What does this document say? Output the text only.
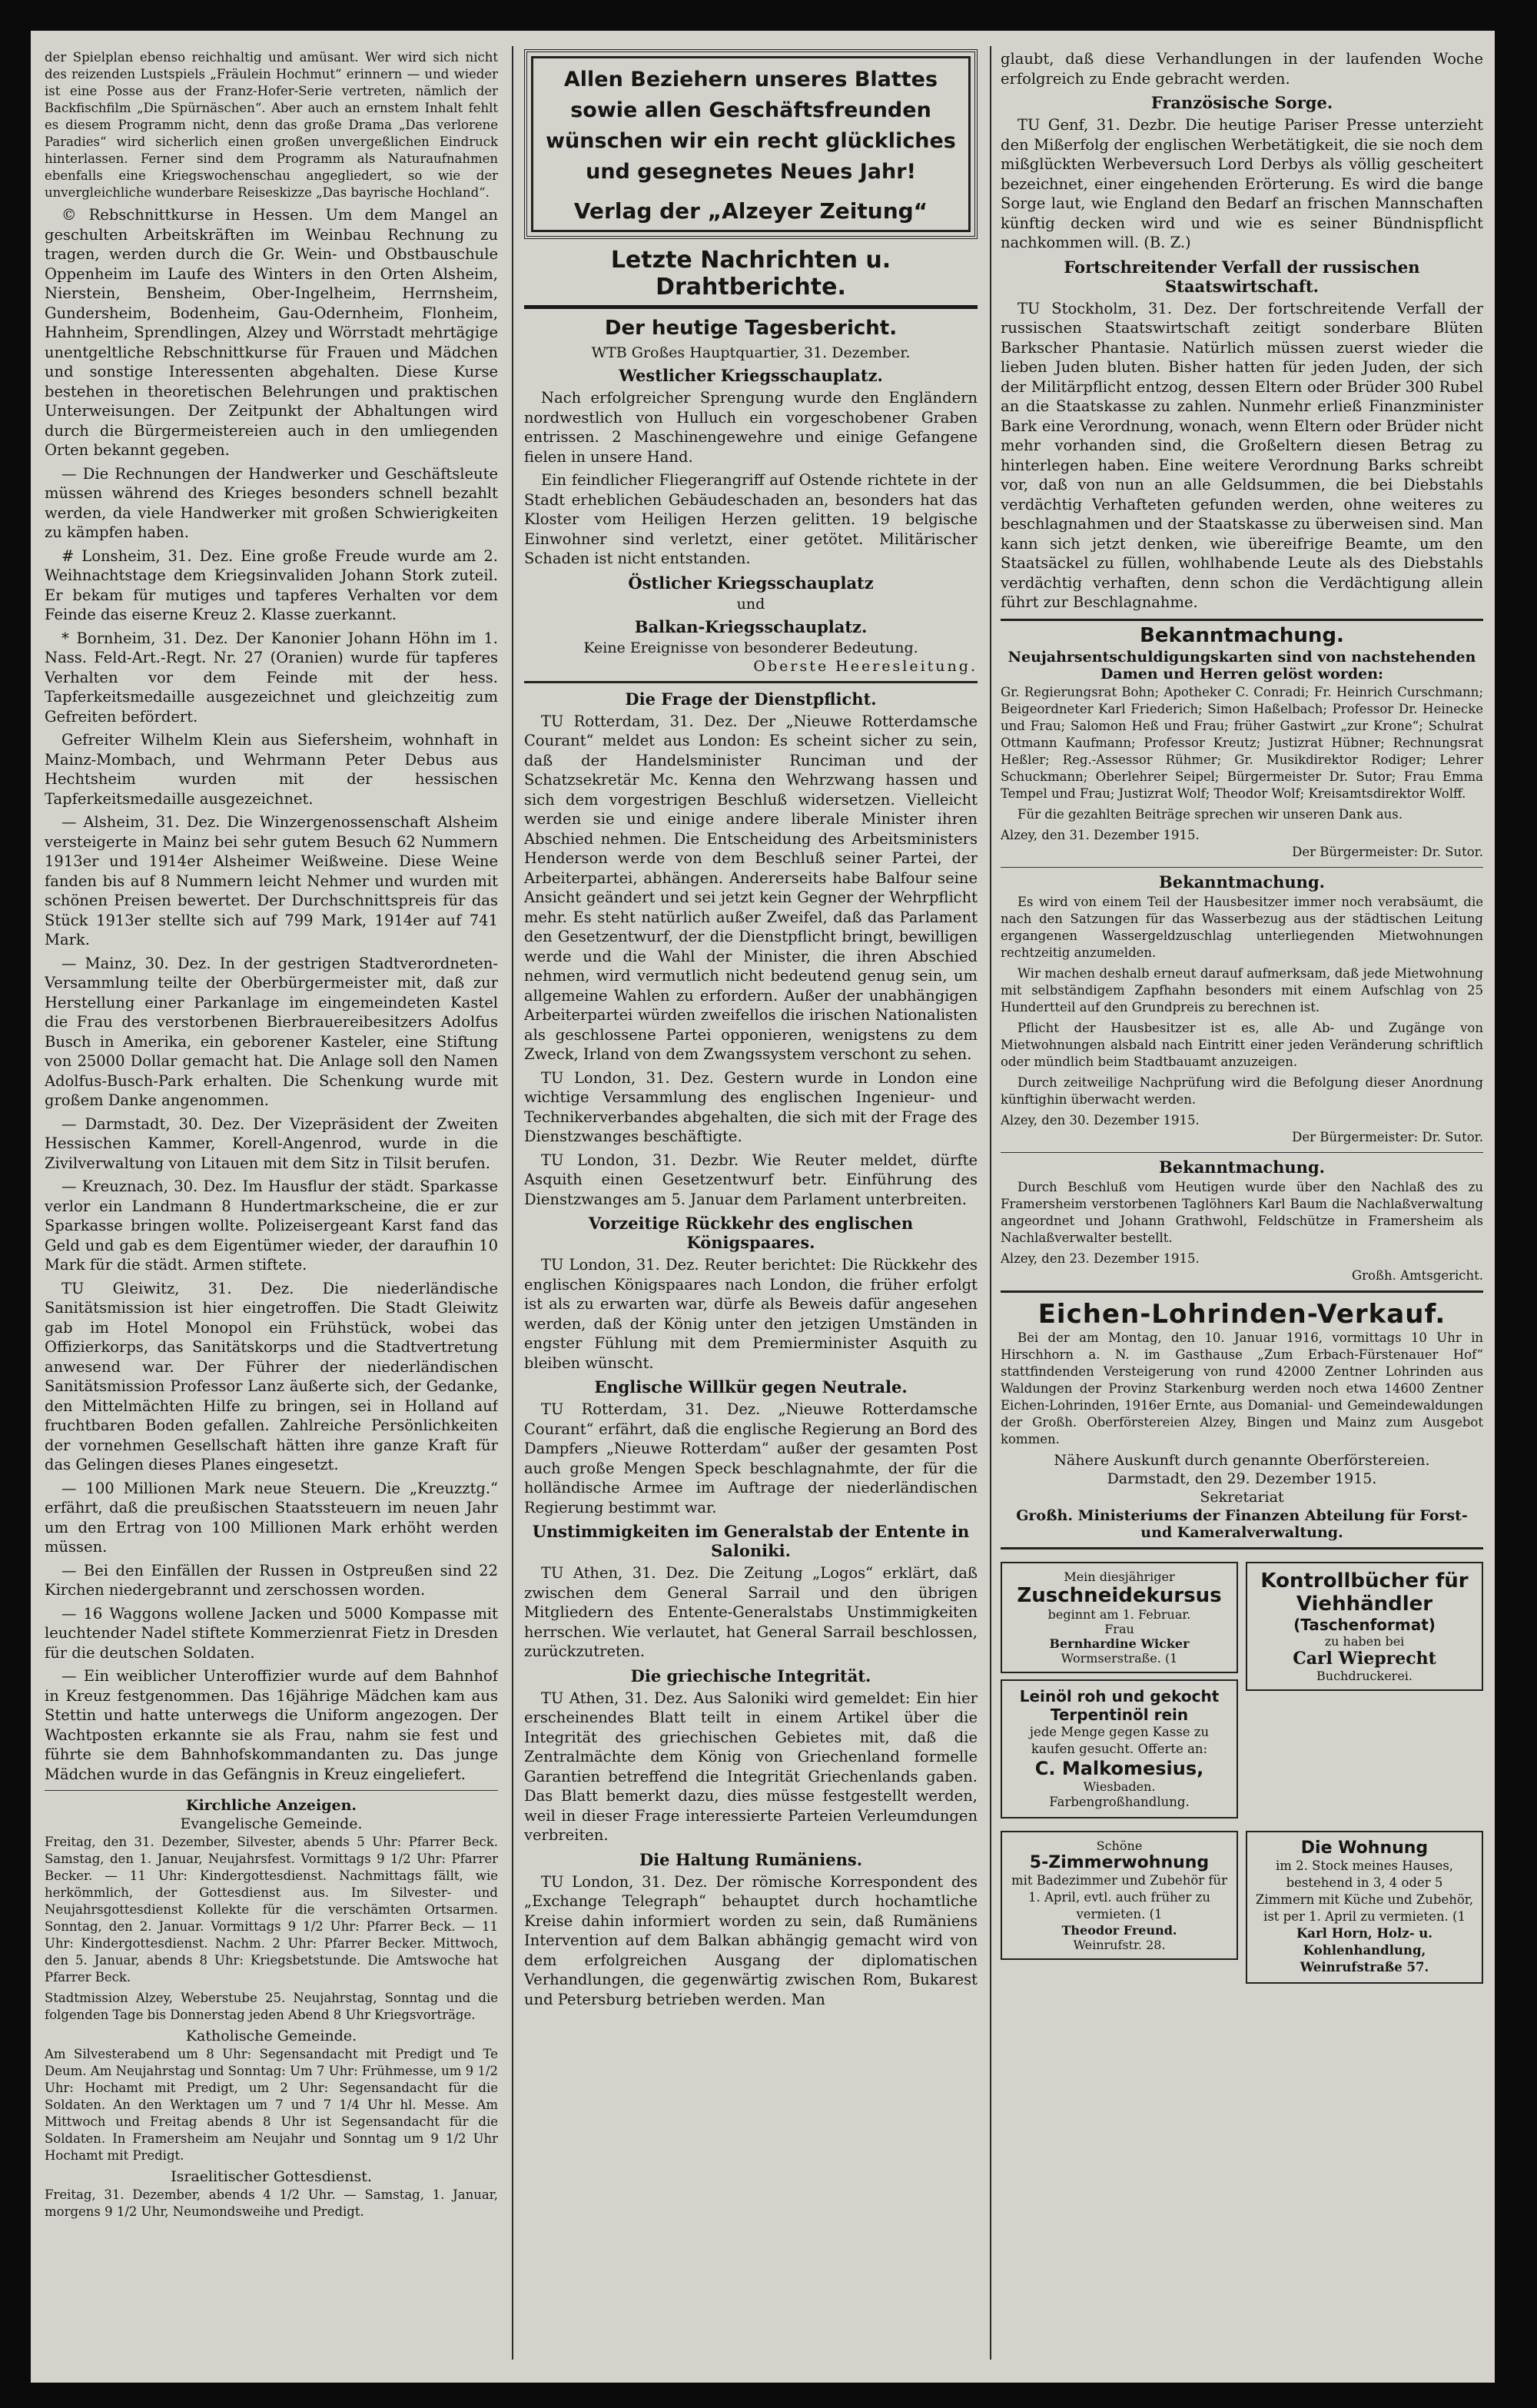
der Spielplan ebenso reichhaltig und amüsant. Wer wird sich nicht des reizenden Lustspiels „Fräulein Hochmut“ erinnern — und wieder ist eine Posse aus der Franz-Hofer-Serie vertreten, nämlich der Backfischfilm „Die Spürnäschen“. Aber auch an ernstem Inhalt fehlt es diesem Programm nicht, denn das große Drama „Das verlorene Paradies“ wird sicherlich einen großen unvergeßlichen Eindruck hinterlassen. Ferner sind dem Programm als Naturaufnahmen ebenfalls eine Kriegswochenschau angegliedert, so wie der unvergleichliche wunderbare Reiseskizze „Das bayrische Hochland“.

© Rebschnittkurse in Hessen. Um dem Mangel an geschulten Arbeitskräften im Weinbau Rechnung zu tragen, werden durch die Gr. Wein- und Obstbauschule Oppenheim im Laufe des Winters in den Orten Alsheim, Nierstein, Bensheim, Ober-Ingelheim, Herrnsheim, Gundersheim, Bodenheim, Gau-Odernheim, Flonheim, Hahnheim, Sprendlingen, Alzey und Wörrstadt mehrtägige unentgeltliche Rebschnittkurse für Frauen und Mädchen und sonstige Interessenten abgehalten. Diese Kurse bestehen in theoretischen Belehrungen und praktischen Unterweisungen. Der Zeitpunkt der Abhaltungen wird durch die Bürgermeistereien auch in den umliegenden Orten bekannt gegeben.

— Die Rechnungen der Handwerker und Geschäftsleute müssen während des Krieges besonders schnell bezahlt werden, da viele Handwerker mit großen Schwierigkeiten zu kämpfen haben.

# Lonsheim, 31. Dez. Eine große Freude wurde am 2. Weihnachtstage dem Kriegsinvaliden Johann Stork zuteil. Er bekam für mutiges und tapferes Verhalten vor dem Feinde das eiserne Kreuz 2. Klasse zuerkannt.

* Bornheim, 31. Dez. Der Kanonier Johann Höhn im 1. Nass. Feld-Art.-Regt. Nr. 27 (Oranien) wurde für tapferes Verhalten vor dem Feinde mit der hess. Tapferkeitsmedaille ausgezeichnet und gleichzeitig zum Gefreiten befördert.

Gefreiter Wilhelm Klein aus Siefersheim, wohnhaft in Mainz-Mombach, und Wehrmann Peter Debus aus Hechtsheim wurden mit der hessischen Tapferkeitsmedaille ausgezeichnet.

— Alsheim, 31. Dez. Die Winzergenossenschaft Alsheim versteigerte in Mainz bei sehr gutem Besuch 62 Nummern 1913er und 1914er Alsheimer Weißweine. Diese Weine fanden bis auf 8 Nummern leicht Nehmer und wurden mit schönen Preisen bewertet. Der Durchschnittspreis für das Stück 1913er stellte sich auf 799 Mark, 1914er auf 741 Mark.

— Mainz, 30. Dez. In der gestrigen Stadtverordneten-Versammlung teilte der Oberbürgermeister mit, daß zur Herstellung einer Parkanlage im eingemeindeten Kastel die Frau des verstorbenen Bierbrauereibesitzers Adolfus Busch in Amerika, ein geborener Kasteler, eine Stiftung von 25000 Dollar gemacht hat. Die Anlage soll den Namen Adolfus-Busch-Park erhalten. Die Schenkung wurde mit großem Danke angenommen.

— Darmstadt, 30. Dez. Der Vizepräsident der Zweiten Hessischen Kammer, Korell-Angenrod, wurde in die Zivilverwaltung von Litauen mit dem Sitz in Tilsit berufen.

— Kreuznach, 30. Dez. Im Hausflur der städt. Sparkasse verlor ein Landmann 8 Hundertmarkscheine, die er zur Sparkasse bringen wollte. Polizeisergeant Karst fand das Geld und gab es dem Eigentümer wieder, der daraufhin 10 Mark für die städt. Armen stiftete.

TU Gleiwitz, 31. Dez. Die niederländische Sanitätsmission ist hier eingetroffen. Die Stadt Gleiwitz gab im Hotel Monopol ein Frühstück, wobei das Offizierkorps, das Sanitätskorps und die Stadtvertretung anwesend war. Der Führer der niederländischen Sanitätsmission Professor Lanz äußerte sich, der Gedanke, den Mittelmächten Hilfe zu bringen, sei in Holland auf fruchtbaren Boden gefallen. Zahlreiche Persönlichkeiten der vornehmen Gesellschaft hätten ihre ganze Kraft für das Gelingen dieses Planes eingesetzt.

— 100 Millionen Mark neue Steuern. Die „Kreuzztg.“ erfährt, daß die preußischen Staatssteuern im neuen Jahr um den Ertrag von 100 Millionen Mark erhöht werden müssen.

— Bei den Einfällen der Russen in Ostpreußen sind 22 Kirchen niedergebrannt und zerschossen worden.

— 16 Waggons wollene Jacken und 5000 Kompasse mit leuchtender Nadel stiftete Kommerzienrat Fietz in Dresden für die deutschen Soldaten.

— Ein weiblicher Unteroffizier wurde auf dem Bahnhof in Kreuz festgenommen. Das 16jährige Mädchen kam aus Stettin und hatte unterwegs die Uniform angezogen. Der Wachtposten erkannte sie als Frau, nahm sie fest und führte sie dem Bahnhofskommandanten zu. Das junge Mädchen wurde in das Gefängnis in Kreuz eingeliefert.

Kirchliche Anzeigen.
Evangelische Gemeinde.

Freitag, den 31. Dezember, Silvester, abends 5 Uhr: Pfarrer Beck. Samstag, den 1. Januar, Neujahrsfest. Vormittags 9 1/2 Uhr: Pfarrer Becker. — 11 Uhr: Kindergottesdienst. Nachmittags fällt, wie herkömmlich, der Gottesdienst aus. Im Silvester- und Neujahrsgottesdienst Kollekte für die verschämten Ortsarmen. Sonntag, den 2. Januar. Vormittags 9 1/2 Uhr: Pfarrer Beck. — 11 Uhr: Kindergottesdienst. Nachm. 2 Uhr: Pfarrer Becker. Mittwoch, den 5. Januar, abends 8 Uhr: Kriegsbetstunde. Die Amtswoche hat Pfarrer Beck.

Stadtmission Alzey, Weberstube 25. Neujahrstag, Sonntag und die folgenden Tage bis Donnerstag jeden Abend 8 Uhr Kriegsvorträge.

Katholische Gemeinde.

Am Silvesterabend um 8 Uhr: Segensandacht mit Predigt und Te Deum. Am Neujahrstag und Sonntag: Um 7 Uhr: Frühmesse, um 9 1/2 Uhr: Hochamt mit Predigt, um 2 Uhr: Segensandacht für die Soldaten. An den Werktagen um 7 und 7 1/4 Uhr hl. Messe. Am Mittwoch und Freitag abends 8 Uhr ist Segensandacht für die Soldaten. In Framersheim am Neujahr und Sonntag um 9 1/2 Uhr Hochamt mit Predigt.

Israelitischer Gottesdienst.

Freitag, 31. Dezember, abends 4 1/2 Uhr. — Samstag, 1. Januar, morgens 9 1/2 Uhr, Neumondsweihe und Predigt.

Allen Beziehern unseres Blattes sowie allen Geschäftsfreunden wünschen wir ein recht glückliches und gesegnetes Neues Jahr!
Verlag der „Alzeyer Zeitung“
Letzte Nachrichten u. Drahtberichte.
Der heutige Tagesbericht.
WTB Großes Hauptquartier, 31. Dezember.
Westlicher Kriegsschauplatz.

Nach erfolgreicher Sprengung wurde den Engländern nordwestlich von Hulluch ein vorgeschobener Graben entrissen. 2 Maschinengewehre und einige Gefangene fielen in unsere Hand.

Ein feindlicher Fliegerangriff auf Ostende richtete in der Stadt erheblichen Gebäudeschaden an, besonders hat das Kloster vom Heiligen Herzen gelitten. 19 belgische Einwohner sind verletzt, einer getötet. Militärischer Schaden ist nicht entstanden.

Östlicher Kriegsschauplatz
und
Balkan-Kriegsschauplatz.
Keine Ereignisse von besonderer Bedeutung.
Oberste Heeresleitung.
Die Frage der Dienstpflicht.

TU Rotterdam, 31. Dez. Der „Nieuwe Rotterdamsche Courant“ meldet aus London: Es scheint sicher zu sein, daß der Handelsminister Runciman und der Schatzsekretär Mc. Kenna den Wehrzwang hassen und sich dem vorgestrigen Beschluß widersetzen. Vielleicht werden sie und einige andere liberale Minister ihren Abschied nehmen. Die Entscheidung des Arbeitsministers Henderson werde von dem Beschluß seiner Partei, der Arbeiterpartei, abhängen. Andererseits habe Balfour seine Ansicht geändert und sei jetzt kein Gegner der Wehrpflicht mehr. Es steht natürlich außer Zweifel, daß das Parlament den Gesetzentwurf, der die Dienstpflicht bringt, bewilligen werde und die Wahl der Minister, die ihren Abschied nehmen, wird vermutlich nicht bedeutend genug sein, um allgemeine Wahlen zu erfordern. Außer der unabhängigen Arbeiterpartei würden zweifellos die irischen Nationalisten als geschlossene Partei opponieren, wenigstens zu dem Zweck, Irland von dem Zwangssystem verschont zu sehen.

TU London, 31. Dez. Gestern wurde in London eine wichtige Versammlung des englischen Ingenieur- und Technikerverbandes abgehalten, die sich mit der Frage des Dienstzwanges beschäftigte.

TU London, 31. Dezbr. Wie Reuter meldet, dürfte Asquith einen Gesetzentwurf betr. Einführung des Dienstzwanges am 5. Januar dem Parlament unterbreiten.

Vorzeitige Rückkehr des englischen Königspaares.

TU London, 31. Dez. Reuter berichtet: Die Rückkehr des englischen Königspaares nach London, die früher erfolgt ist als zu erwarten war, dürfe als Beweis dafür angesehen werden, daß der König unter den jetzigen Umständen in engster Fühlung mit dem Premierminister Asquith zu bleiben wünscht.

Englische Willkür gegen Neutrale.

TU Rotterdam, 31. Dez. „Nieuwe Rotterdamsche Courant“ erfährt, daß die englische Regierung an Bord des Dampfers „Nieuwe Rotterdam“ außer der gesamten Post auch große Mengen Speck beschlagnahmte, der für die holländische Armee im Auftrage der niederländischen Regierung bestimmt war.

Unstimmigkeiten im Generalstab der Entente in Saloniki.

TU Athen, 31. Dez. Die Zeitung „Logos“ erklärt, daß zwischen dem General Sarrail und den übrigen Mitgliedern des Entente-Generalstabs Unstimmigkeiten herrschen. Wie verlautet, hat General Sarrail beschlossen, zurückzutreten.

Die griechische Integrität.

TU Athen, 31. Dez. Aus Saloniki wird gemeldet: Ein hier erscheinendes Blatt teilt in einem Artikel über die Integrität des griechischen Gebietes mit, daß die Zentralmächte dem König von Griechenland formelle Garantien betreffend die Integrität Griechenlands gaben. Das Blatt bemerkt dazu, dies müsse festgestellt werden, weil in dieser Frage interessierte Parteien Verleumdungen verbreiten.

Die Haltung Rumäniens.

TU London, 31. Dez. Der römische Korrespondent des „Exchange Telegraph“ behauptet durch hochamtliche Kreise dahin informiert worden zu sein, daß Rumäniens Intervention auf dem Balkan abhängig gemacht wird von dem erfolgreichen Ausgang der diplomatischen Verhandlungen, die gegenwärtig zwischen Rom, Bukarest und Petersburg betrieben werden. Man

glaubt, daß diese Verhandlungen in der laufenden Woche erfolgreich zu Ende gebracht werden.

Französische Sorge.

TU Genf, 31. Dezbr. Die heutige Pariser Presse unterzieht den Mißerfolg der englischen Werbetätigkeit, die sie noch dem mißglückten Werbeversuch Lord Derbys als völlig gescheitert bezeichnet, einer eingehenden Erörterung. Es wird die bange Sorge laut, wie England den Bedarf an frischen Mannschaften künftig decken wird und wie es seiner Bündnispflicht nachkommen will. (B. Z.)

Fortschreitender Verfall der russischen Staatswirtschaft.

TU Stockholm, 31. Dez. Der fortschreitende Verfall der russischen Staatswirtschaft zeitigt sonderbare Blüten Barkscher Phantasie. Natürlich müssen zuerst wieder die lieben Juden bluten. Bisher hatten für jeden Juden, der sich der Militärpflicht entzog, dessen Eltern oder Brüder 300 Rubel an die Staatskasse zu zahlen. Nunmehr erließ Finanzminister Bark eine Verordnung, wonach, wenn Eltern oder Brüder nicht mehr vorhanden sind, die Großeltern diesen Betrag zu hinterlegen haben. Eine weitere Verordnung Barks schreibt vor, daß von nun an alle Geldsummen, die bei Diebstahls verdächtig Verhafteten gefunden werden, ohne weiteres zu beschlagnahmen und der Staatskasse zu überweisen sind. Man kann sich jetzt denken, wie übereifrige Beamte, um den Staatsäckel zu füllen, wohlhabende Leute als des Diebstahls verdächtig verhaften, denn schon die Verdächtigung allein führt zur Beschlagnahme.

Bekanntmachung.
Neujahrsentschuldigungskarten sind von nachstehenden Damen und Herren gelöst worden:

Gr. Regierungsrat Bohn; Apotheker C. Conradi; Fr. Heinrich Curschmann; Beigeordneter Karl Friederich; Simon Haßelbach; Professor Dr. Heinecke und Frau; Salomon Heß und Frau; früher Gastwirt „zur Krone“; Schulrat Ottmann Kaufmann; Professor Kreutz; Justizrat Hübner; Rechnungsrat Heßler; Reg.-Assessor Rühmer; Gr. Musikdirektor Rodiger; Lehrer Schuckmann; Oberlehrer Seipel; Bürgermeister Dr. Sutor; Frau Emma Tempel und Frau; Justizrat Wolf; Theodor Wolf; Kreisamtsdirektor Wolff.

Für die gezahlten Beiträge sprechen wir unseren Dank aus.

Alzey, den 31. Dezember 1915.
Der Bürgermeister: Dr. Sutor.
Bekanntmachung.

Es wird von einem Teil der Hausbesitzer immer noch verabsäumt, die nach den Satzungen für das Wasserbezug aus der städtischen Leitung ergangenen Wassergeldzuschlag unterliegenden Mietwohnungen rechtzeitig anzumelden.

Wir machen deshalb erneut darauf aufmerksam, daß jede Mietwohnung mit selbständigem Zapfhahn besonders mit einem Aufschlag von 25 Hundertteil auf den Grundpreis zu berechnen ist.

Pflicht der Hausbesitzer ist es, alle Ab- und Zugänge von Mietwohnungen alsbald nach Eintritt einer jeden Veränderung schriftlich oder mündlich beim Stadtbauamt anzuzeigen.

Durch zeitweilige Nachprüfung wird die Befolgung dieser Anordnung künftighin überwacht werden.

Alzey, den 30. Dezember 1915.
Der Bürgermeister: Dr. Sutor.
Bekanntmachung.

Durch Beschluß vom Heutigen wurde über den Nachlaß des zu Framersheim verstorbenen Taglöhners Karl Baum die Nachlaßverwaltung angeordnet und Johann Grathwohl, Feldschütze in Framersheim als Nachlaßverwalter bestellt.

Alzey, den 23. Dezember 1915.
Großh. Amtsgericht.
Eichen-Lohrinden-Verkauf.

Bei der am Montag, den 10. Januar 1916, vormittags 10 Uhr in Hirschhorn a. N. im Gasthause „Zum Erbach-Fürstenauer Hof“ stattfindenden Versteigerung von rund 42000 Zentner Lohrinden aus Waldungen der Provinz Starkenburg werden noch etwa 14600 Zentner Eichen-Lohrinden, 1916er Ernte, aus Domanial- und Gemeindewaldungen der Großh. Oberförstereien Alzey, Bingen und Mainz zum Ausgebot kommen.

Nähere Auskunft durch genannte Oberförstereien.
Darmstadt, den 29. Dezember 1915.
Sekretariat
Großh. Ministeriums der Finanzen Abteilung für Forst- und Kameralverwaltung.
Mein diesjähriger
Zuschneidekursus
beginnt am 1. Februar.
Frau
Bernhardine Wicker
Wormserstraße. (1
Leinöl roh und gekocht Terpentinöl rein
jede Menge gegen Kasse zu kaufen gesucht. Offerte an:
C. Malkomesius,
Wiesbaden.
Farbengroßhandlung.
Kontrollbücher für Viehhändler
(Taschenformat)
zu haben bei
Carl Wieprecht
Buchdruckerei.
Schöne
5-Zimmerwohnung
mit Badezimmer und Zubehör für 1. April, evtl. auch früher zu vermieten. (1
Theodor Freund.
Weinrufstr. 28.
Die Wohnung
im 2. Stock meines Hauses, bestehend in 3, 4 oder 5 Zimmern mit Küche und Zubehör, ist per 1. April zu vermieten. (1
Karl Horn, Holz- u. Kohlenhandlung, Weinrufstraße 57.
